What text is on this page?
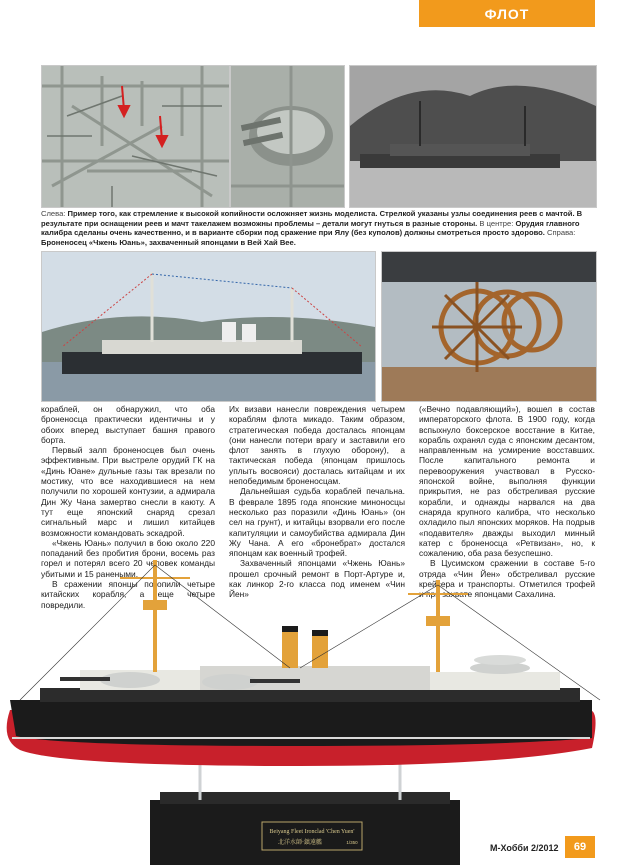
ФЛОТ
Слева: Пример того, как стремление к высокой копийности осложняет жизнь моделиста. Стрелкой указаны узлы соединения реев с мачтой. В результате при оснащении реев и мачт такелажем возможны проблемы – детали могут гнуться в разные стороны. В центре: Орудия главного калибра сделаны очень качественно, и в варианте сборки под сражение при Ялу (без куполов) должны смотреться просто здорово. Справа: Броненосец «Чжень Юань», захваченный японцами в Вей Хай Вее.

кораблей, он обнаружил, что оба броненосца практически идентичны и у обоих вперед выступает башня правого борта.

Первый залп броненосцев был очень эффективным. При выстреле орудий ГК на «Динь Юане» дульные газы так врезали по мостику, что все находившиеся на нем получили по хорошей контузии, а адмирала Дин Жу Чана замертво снесли в каюту. А тут еще японский снаряд срезал сигнальный марс и лишил китайцев возможности командовать эскадрой.

«Чжень Юань» получил в бою около 220 попаданий без пробития брони, восемь раз горел и потерял всего 20 человек команды убитыми и 15 ранеными.

В сражении японцы потопили четыре китайских корабля, а еще четыре повредили.

Их визави нанесли повреждения четырем кораблям флота микадо. Таким образом, стратегическая победа досталась японцам (они нанесли потери врагу и заставили его флот занять в глухую оборону), а тактическая победа (японцам пришлось уплыть восвояси) досталась китайцам и их непобедимым броненосцам.

Дальнейшая судьба кораблей печальна. В феврале 1895 года японские миноносцы несколько раз поразили «Динь Юань» (он сел на грунт), и китайцы взорвали его после капитуляции и самоубийства адмирала Дин Жу Чана. А его «бронебрат» достался японцам как военный трофей.

Захваченный японцами «Чжень Юань» прошел срочный ремонт в Порт-Артуре и, как линкор 2-го класса под именем «Чин Йен»

(«Вечно подавляющий»), вошел в состав императорского флота. В 1900 году, когда вспыхнуло боксерское восстание в Китае, корабль охранял суда с японским десантом, направленным на усмирение восставших. После капитального ремонта и перевооружения участвовал в Русско-японской войне, выполняя функции прикрытия, не раз обстреливая русские корабли, и однажды нарвался на два снаряда крупного калибра, что несколько охладило пыл японских моряков. На подрыв «подавителя» дважды выходил минный катер с броненосца «Ретвизан», но, к сожалению, оба раза безуспешно.

В Цусимском сражении в составе 5-го отряда «Чин Йен» обстреливал русские крейсера и транспорты. Отметился трофей и при захвате японцами Сахалина.

Beiyang Fleet Ironclad 'Chen Yuen'
北洋水師·鎮遠艦	1/350
М-Хобби 2/2012 69
